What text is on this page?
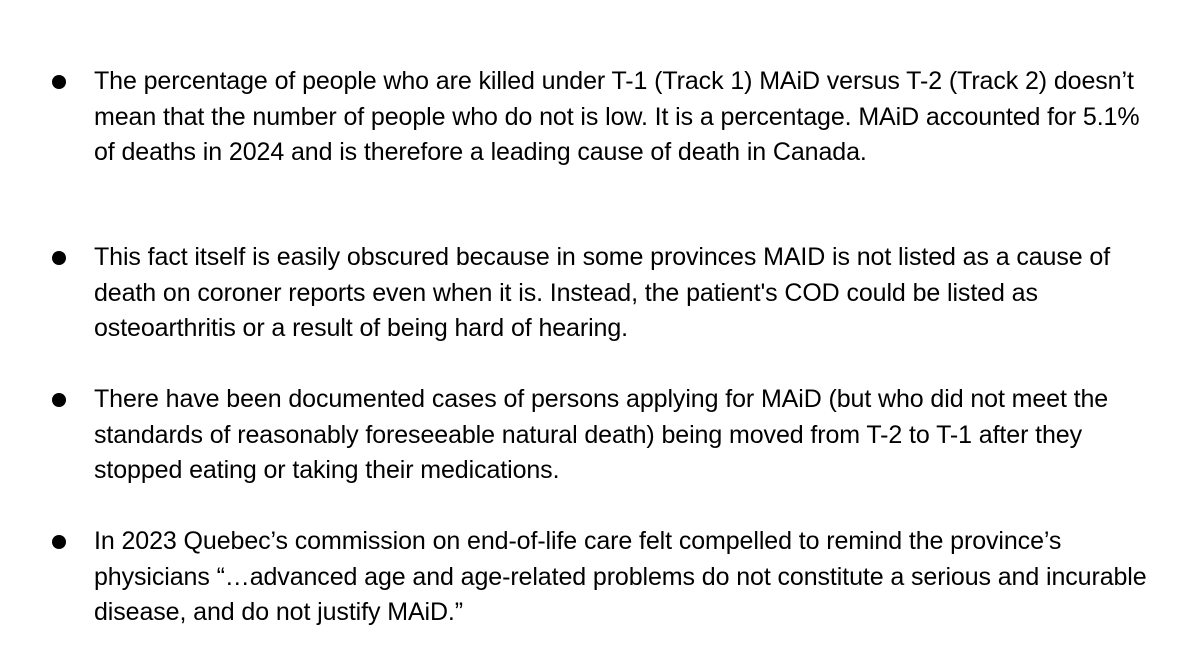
The percentage of people who are killed under T-1 (Track 1) MAiD versus T-2 (Track 2) doesn’t mean that the number of people who do not is low. It is a percentage. MAiD accounted for 5.1% of deaths in 2024 and is therefore a leading cause of death in Canada.
This fact itself is easily obscured because in some provinces MAID is not listed as a cause of death on coroner reports even when it is. Instead, the patient's COD could be listed as osteoarthritis or a result of being hard of hearing.
There have been documented cases of persons applying for MAiD (but who did not meet the standards of reasonably foreseeable natural death) being moved from T-2 to T-1 after they stopped eating or taking their medications.
In 2023 Quebec’s commission on end-of-life care felt compelled to remind the province’s physicians “…advanced age and age-related problems do not constitute a serious and incurable disease, and do not justify MAiD.”
